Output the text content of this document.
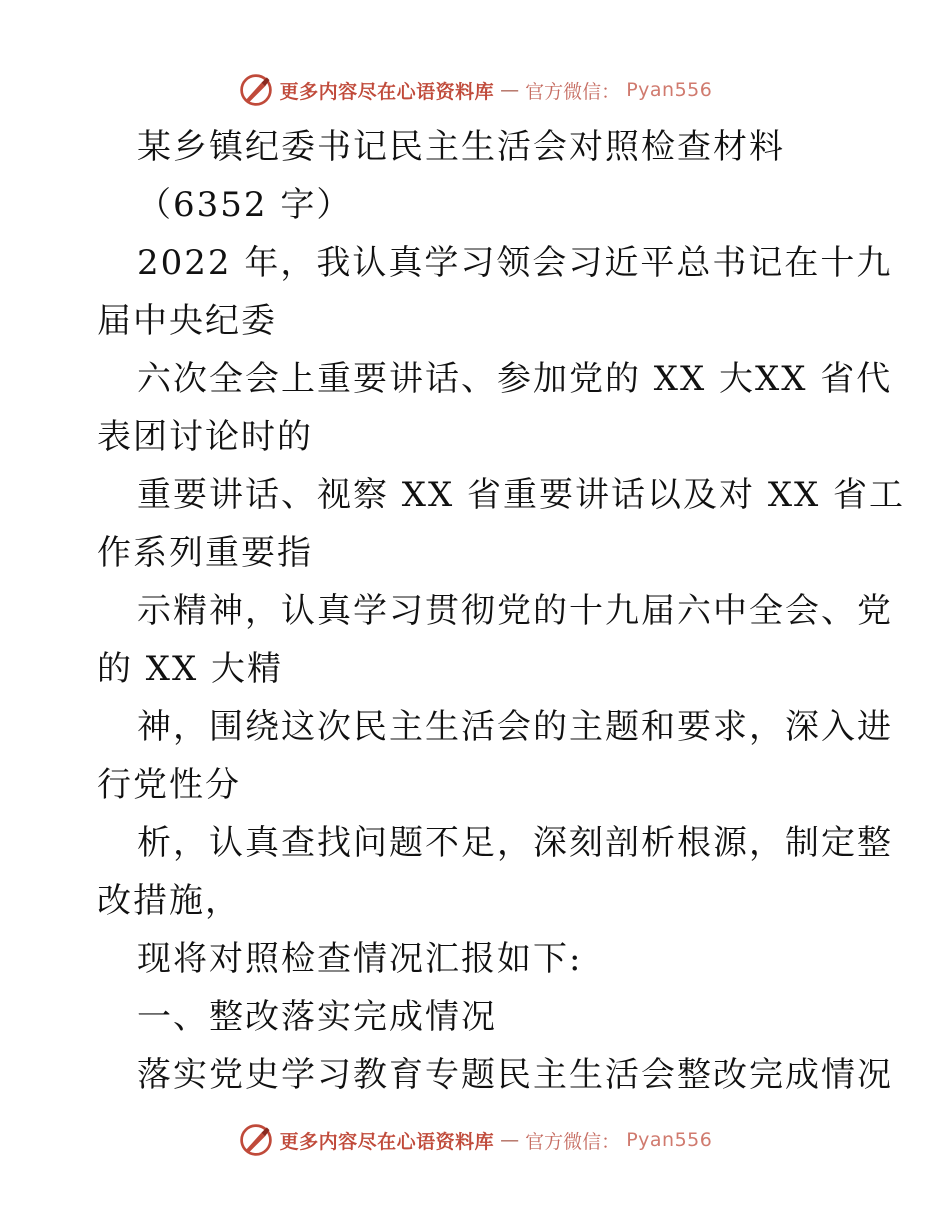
更多内容尽在心语资料库 — 官方微信： Pyan556
某乡镇纪委书记民主生活会对照检查材料
（6352 字）
2022 年，我认真学习领会习近平总书记在十九
届中央纪委
六次全会上重要讲话、参加党的 XX 大XX 省代
表团讨论时的
重要讲话、视察 XX 省重要讲话以及对 XX 省工
作系列重要指
示精神，认真学习贯彻党的十九届六中全会、党
的 XX 大精
神，围绕这次民主生活会的主题和要求，深入进
行党性分
析，认真查找问题不足，深刻剖析根源，制定整
改措施，
现将对照检查情况汇报如下:
一、整改落实完成情况
落实党史学习教育专题民主生活会整改完成情况
更多内容尽在心语资料库 — 官方微信： Pyan556
